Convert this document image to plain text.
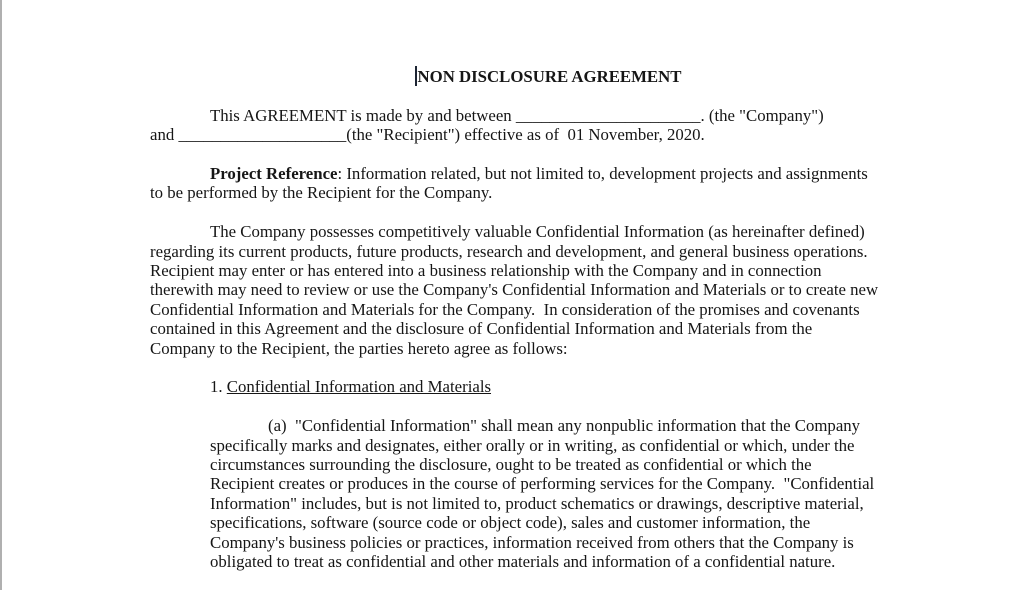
NON DISCLOSURE AGREEMENT

This AGREEMENT is made by and between ______________________. (the "Company")
and ____________________(the "Recipient") effective as of  01 November, 2020.

Project Reference: Information related, but not limited to, development projects and assignments to be performed by the Recipient for the Company.

The Company possesses competitively valuable Confidential Information (as hereinafter defined) regarding its current products, future products, research and development, and general business operations. Recipient may enter or has entered into a business relationship with the Company and in connection therewith may need to review or use the Company's Confidential Information and Materials or to create new Confidential Information and Materials for the Company.  In consideration of the promises and covenants contained in this Agreement and the disclosure of Confidential Information and Materials from the Company to the Recipient, the parties hereto agree as follows:

1. Confidential Information and Materials

(a)  "Confidential Information" shall mean any nonpublic information that the Company specifically marks and designates, either orally or in writing, as confidential or which, under the circumstances surrounding the disclosure, ought to be treated as confidential or which the Recipient creates or produces in the course of performing services for the Company.  "Confidential Information" includes, but is not limited to, product schematics or drawings, descriptive material, specifications, software (source code or object code), sales and customer information, the Company's business policies or practices, information received from others that the Company is obligated to treat as confidential and other materials and information of a confidential nature.
